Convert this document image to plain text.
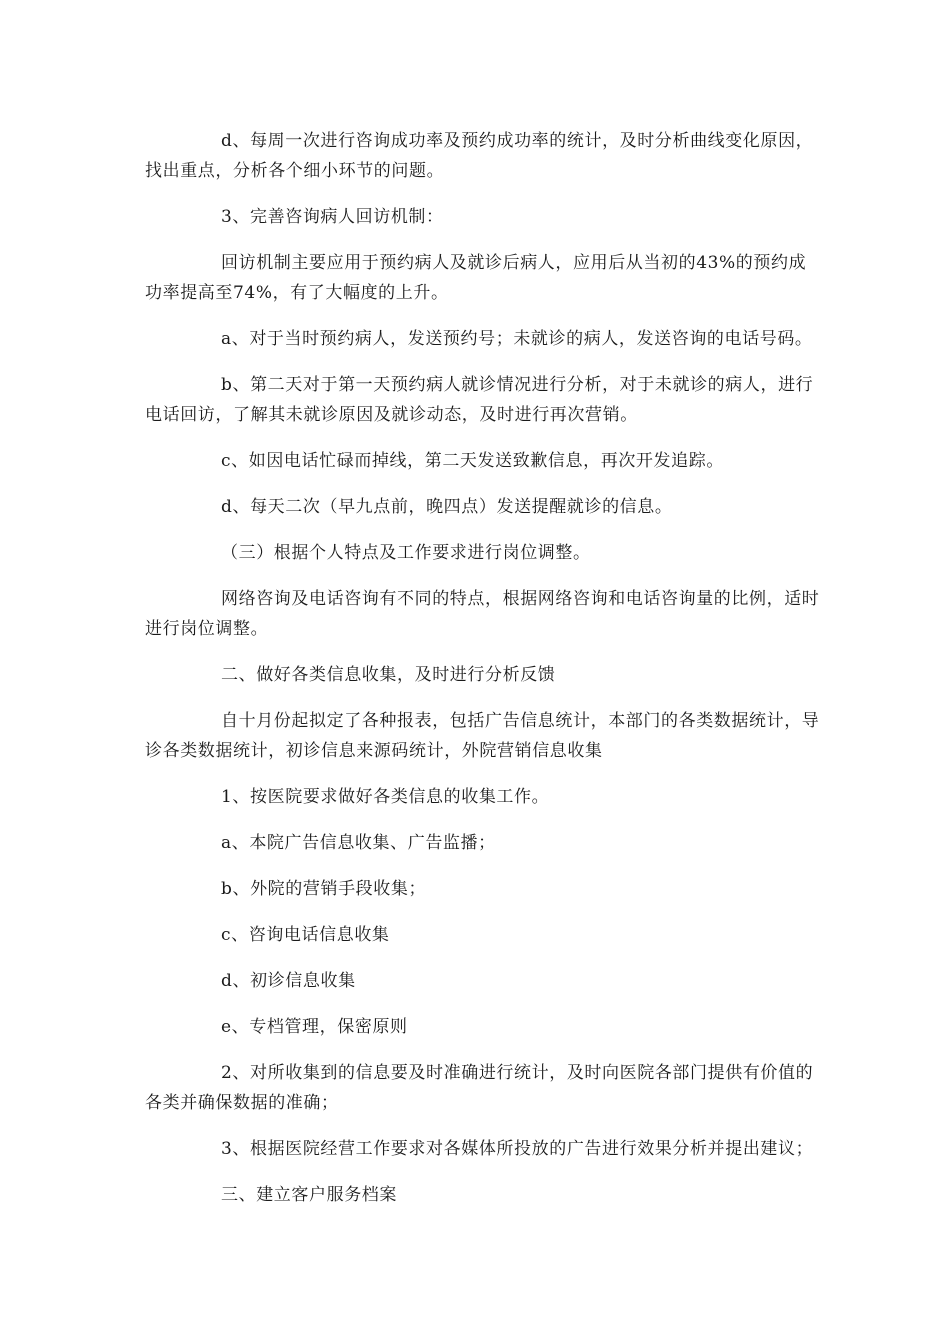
d、每周一次进行咨询成功率及预约成功率的统计，及时分析曲线变化原因，找出重点，分析各个细小环节的问题。

3、完善咨询病人回访机制：

回访机制主要应用于预约病人及就诊后病人，应用后从当初的43%的预约成功率提高至74%，有了大幅度的上升。

a、对于当时预约病人，发送预约号；未就诊的病人，发送咨询的电话号码。

b、第二天对于第一天预约病人就诊情况进行分析，对于未就诊的病人，进行电话回访，了解其未就诊原因及就诊动态，及时进行再次营销。

c、如因电话忙碌而掉线，第二天发送致歉信息，再次开发追踪。

d、每天二次（早九点前，晚四点）发送提醒就诊的信息。

（三）根据个人特点及工作要求进行岗位调整。

网络咨询及电话咨询有不同的特点，根据网络咨询和电话咨询量的比例，适时进行岗位调整。

二、做好各类信息收集，及时进行分析反馈

自十月份起拟定了各种报表，包括广告信息统计，本部门的各类数据统计，导诊各类数据统计，初诊信息来源码统计，外院营销信息收集

1、按医院要求做好各类信息的收集工作。

a、本院广告信息收集、广告监播；

b、外院的营销手段收集；

c、咨询电话信息收集

d、初诊信息收集

e、专档管理，保密原则

2、对所收集到的信息要及时准确进行统计，及时向医院各部门提供有价值的各类并确保数据的准确；

3、根据医院经营工作要求对各媒体所投放的广告进行效果分析并提出建议；

三、建立客户服务档案
